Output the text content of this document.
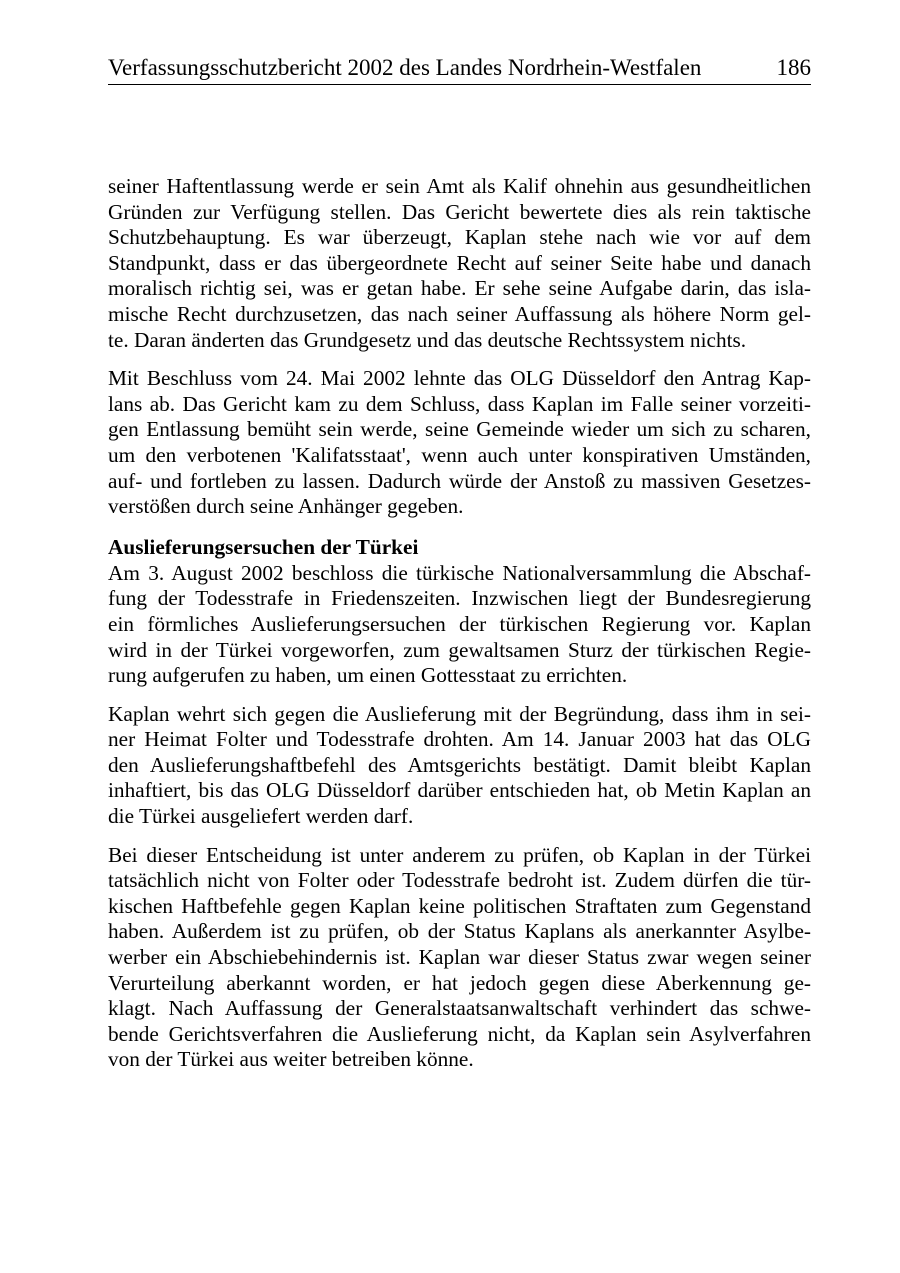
Verfassungsschutzbericht 2002 des Landes Nordrhein-Westfalen	186

seiner Haftentlassung werde er sein Amt als Kalif ohnehin aus gesundheitlichen
Gründen zur Verfügung stellen. Das Gericht bewertete dies als rein taktische
Schutzbehauptung. Es war überzeugt, Kaplan stehe nach wie vor auf dem
Standpunkt, dass er das übergeordnete Recht auf seiner Seite habe und danach
moralisch richtig sei, was er getan habe. Er sehe seine Aufgabe darin, das isla-
mische Recht durchzusetzen, das nach seiner Auffassung als höhere Norm gel-
te. Daran änderten das Grundgesetz und das deutsche Rechtssystem nichts.

Mit Beschluss vom 24. Mai 2002 lehnte das OLG Düsseldorf den Antrag Kap-
lans ab. Das Gericht kam zu dem Schluss, dass Kaplan im Falle seiner vorzeiti-
gen Entlassung bemüht sein werde, seine Gemeinde wieder um sich zu scharen,
um den verbotenen 'Kalifatsstaat', wenn auch unter konspirativen Umständen,
auf- und fortleben zu lassen. Dadurch würde der Anstoß zu massiven Gesetzes-
verstößen durch seine Anhänger gegeben.

Auslieferungsersuchen der Türkei

Am 3. August 2002 beschloss die türkische Nationalversammlung die Abschaf-
fung der Todesstrafe in Friedenszeiten. Inzwischen liegt der Bundesregierung
ein förmliches Auslieferungsersuchen der türkischen Regierung vor. Kaplan
wird in der Türkei vorgeworfen, zum gewaltsamen Sturz der türkischen Regie-
rung aufgerufen zu haben, um einen Gottesstaat zu errichten.

Kaplan wehrt sich gegen die Auslieferung mit der Begründung, dass ihm in sei-
ner Heimat Folter und Todesstrafe drohten. Am 14. Januar 2003 hat das OLG
den Auslieferungshaftbefehl des Amtsgerichts bestätigt. Damit bleibt Kaplan
inhaftiert, bis das OLG Düsseldorf darüber entschieden hat, ob Metin Kaplan an
die Türkei ausgeliefert werden darf.

Bei dieser Entscheidung ist unter anderem zu prüfen, ob Kaplan in der Türkei
tatsächlich nicht von Folter oder Todesstrafe bedroht ist. Zudem dürfen die tür-
kischen Haftbefehle gegen Kaplan keine politischen Straftaten zum Gegenstand
haben. Außerdem ist zu prüfen, ob der Status Kaplans als anerkannter Asylbe-
werber ein Abschiebehindernis ist. Kaplan war dieser Status zwar wegen seiner
Verurteilung aberkannt worden, er hat jedoch gegen diese Aberkennung ge-
klagt. Nach Auffassung der Generalstaatsanwaltschaft verhindert das schwe-
bende Gerichtsverfahren die Auslieferung nicht, da Kaplan sein Asylverfahren
von der Türkei aus weiter betreiben könne.
